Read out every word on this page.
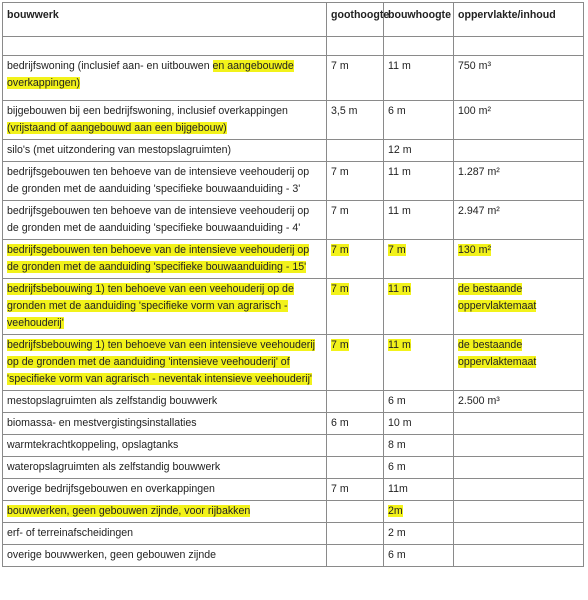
bouwwerk	goothoogte	bouwhoogte	oppervlakte/inhoud

bedrijfswoning (inclusief aan- en uitbouwen en aangebouwde overkappingen)	7 m	11 m	750 m³
bijgebouwen bij een bedrijfswoning, inclusief overkappingen (vrijstaand of aangebouwd aan een bijgebouw)	3,5 m	6 m	100 m²
silo's (met uitzondering van mestopslagruimten)		12 m	
bedrijfsgebouwen ten behoeve van de intensieve veehouderij op de gronden met de aanduiding 'specifieke bouwaanduiding - 3'	7 m	11 m	1.287 m²
bedrijfsgebouwen ten behoeve van de intensieve veehouderij op de gronden met de aanduiding 'specifieke bouwaanduiding - 4'	7 m	11 m	2.947 m²
bedrijfsgebouwen ten behoeve van de intensieve veehouderij op de gronden met de aanduiding 'specifieke bouwaanduiding - 15'	7 m	7 m	130 m²
bedrijfsbebouwing 1) ten behoeve van een veehouderij op de gronden met de aanduiding 'specifieke vorm van agrarisch - veehouderij'	7 m	11 m	de bestaande oppervlaktemaat
bedrijfsbebouwing 1) ten behoeve van een intensieve veehouderij op de gronden met de aanduiding 'intensieve veehouderij' of 'specifieke vorm van agrarisch - neventak intensieve veehouderij'	7 m	11 m	de bestaande oppervlaktemaat
mestopslagruimten als zelfstandig bouwwerk		6 m	2.500 m³
biomassa- en mestvergistingsinstallaties	6 m	10 m	
warmtekrachtkoppeling, opslagtanks		8 m	
wateropslagruimten als zelfstandig bouwwerk		6 m	
overige bedrijfsgebouwen en overkappingen	7 m	11m	
bouwwerken, geen gebouwen zijnde, voor rijbakken		2m	
erf- of terreinafscheidingen		2 m	
overige bouwwerken, geen gebouwen zijnde		6 m	
